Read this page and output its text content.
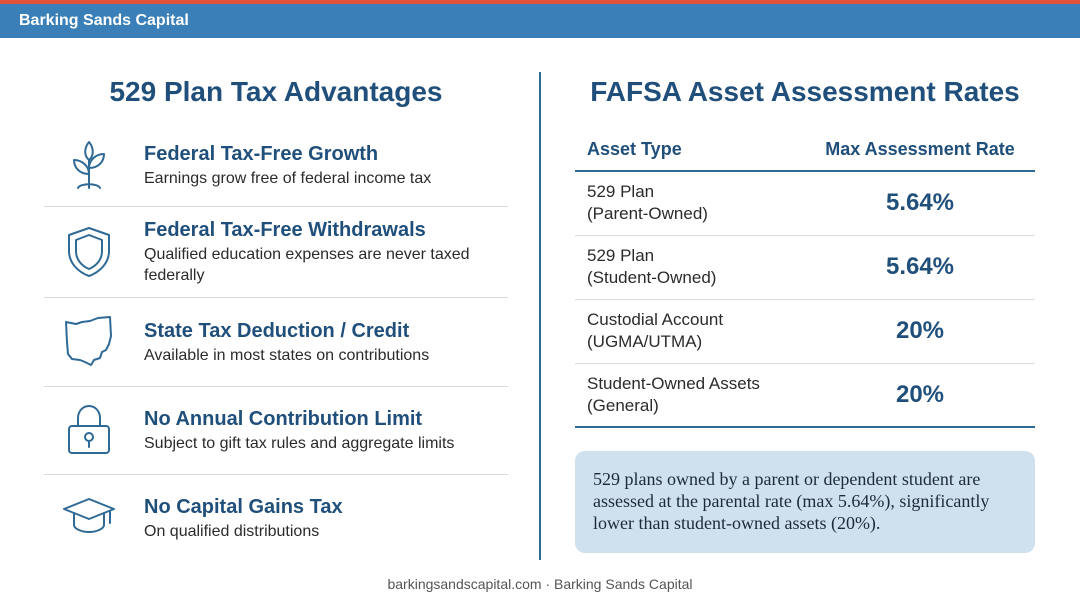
Barking Sands Capital
529 Plan Tax Advantages
Federal Tax-Free Growth
Earnings grow free of federal income tax
Federal Tax-Free Withdrawals
Qualified education expenses are never taxed federally
State Tax Deduction / Credit
Available in most states on contributions
No Annual Contribution Limit
Subject to gift tax rules and aggregate limits
No Capital Gains Tax
On qualified distributions
FAFSA Asset Assessment Rates
Asset Type	Max Assessment Rate

529 Plan
(Parent-Owned)	5.64%

529 Plan
(Student-Owned)	5.64%

Custodial Account
(UGMA/UTMA)	20%

Student-Owned Assets
(General)	20%

529 plans owned by a parent or dependent student are assessed at the parental rate (max 5.64%), significantly lower than student-owned assets (20%).

barkingsandscapital.com · Barking Sands Capital
